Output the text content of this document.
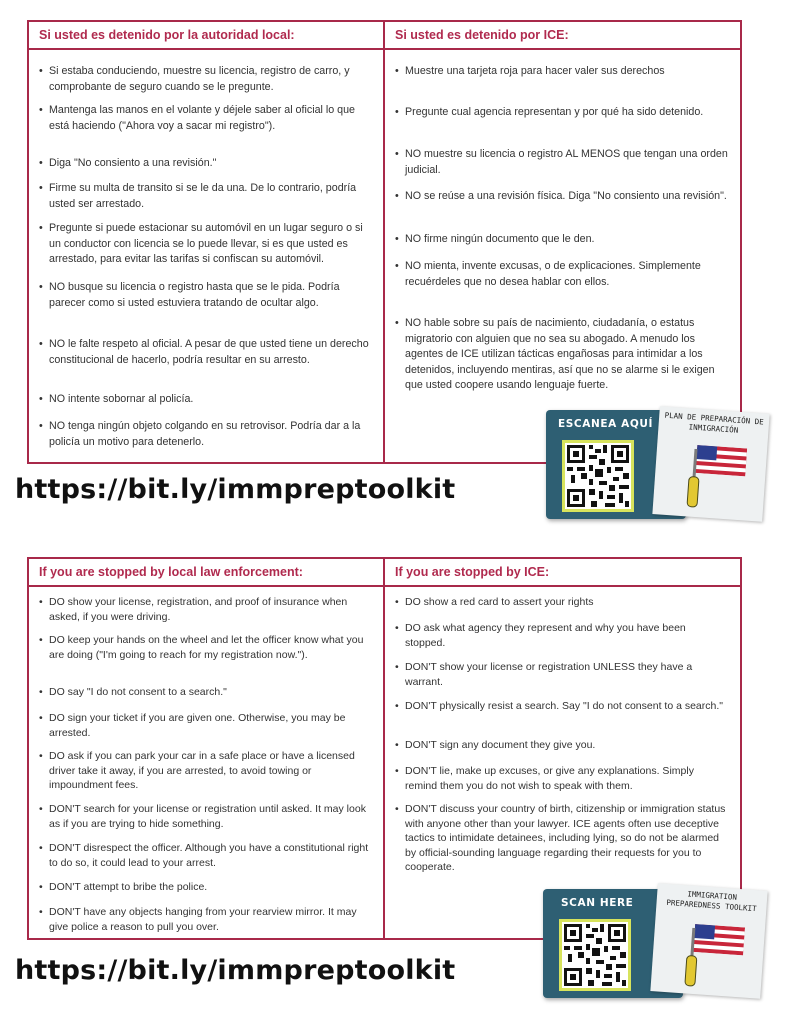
Si usted es detenido por la autoridad local:
• Si estaba conduciendo, muestre su licencia, registro de carro, y comprobante de seguro cuando se le pregunte.
• Mantenga las manos en el volante y déjele saber al oficial lo que está haciendo ("Ahora voy a sacar mi registro").
• Diga "No consiento a una revisión."
• Firme su multa de transito si se le da una. De lo contrario, podría usted ser arrestado.
• Pregunte si puede estacionar su automóvil en un lugar seguro o si un conductor con licencia se lo puede llevar, si es que usted es arrestado, para evitar las tarifas si confiscan su automóvil.
• NO busque su licencia o registro hasta que se le pida. Podría parecer como si usted estuviera tratando de ocultar algo.
• NO le falte respeto al oficial. A pesar de que usted tiene un derecho constitucional de hacerlo, podría resultar en su arresto.
• NO intente sobornar al policía.
• NO tenga ningún objeto colgando en su retrovisor. Podría dar a la policía un motivo para detenerlo.
Si usted es detenido por ICE:
• Muestre una tarjeta roja para hacer valer sus derechos
• Pregunte cual agencia representan y por qué ha sido detenido.
• NO muestre su licencia o registro AL MENOS que tengan una orden judicial.
• NO se reúse a una revisión física. Diga "No consiento una revisión".
• NO firme ningún documento que le den.
• NO mienta, invente excusas, o de explicaciones. Simplemente recuérdeles que no desea hablar con ellos.
• NO hable sobre su país de nacimiento, ciudadanía, o estatus migratorio con alguien que no sea su abogado. A menudo los agentes de ICE utilizan tácticas engañosas para intimidar a los detenidos, incluyendo mentiras, así que no se alarme si le exigen que usted coopere usando lenguaje fuerte.
https://bit.ly/immpreptoolkit
ESCANEA AQUÍ PLAN DE PREPARACIÓN DE INMIGRACIÓN
If you are stopped by local law enforcement:
• DO show your license, registration, and proof of insurance when asked, if you were driving.
• DO keep your hands on the wheel and let the officer know what you are doing ("I'm going to reach for my registration now.").
• DO say "I do not consent to a search."
• DO sign your ticket if you are given one. Otherwise, you may be arrested.
• DO ask if you can park your car in a safe place or have a licensed driver take it away, if you are arrested, to avoid towing or impoundment fees.
• DON'T search for your license or registration until asked. It may look as if you are trying to hide something.
• DON'T disrespect the officer. Although you have a constitutional right to do so, it could lead to your arrest.
• DON'T attempt to bribe the police.
• DON'T have any objects hanging from your rearview mirror. It may give police a reason to pull you over.
If you are stopped by ICE:
• DO show a red card to assert your rights
• DO ask what agency they represent and why you have been stopped.
• DON'T show your license or registration UNLESS they have a warrant.
• DON'T physically resist a search. Say "I do not consent to a search."
• DON'T sign any document they give you.
• DON'T lie, make up excuses, or give any explanations. Simply remind them you do not wish to speak with them.
• DON'T discuss your country of birth, citizenship or immigration status with anyone other than your lawyer. ICE agents often use deceptive tactics to intimidate detainees, including lying, so do not be alarmed by official-sounding language regarding their requests for you to cooperate.
https://bit.ly/immpreptoolkit
SCAN HERE
IMMIGRATION PREPAREDNESS TOOLKIT
